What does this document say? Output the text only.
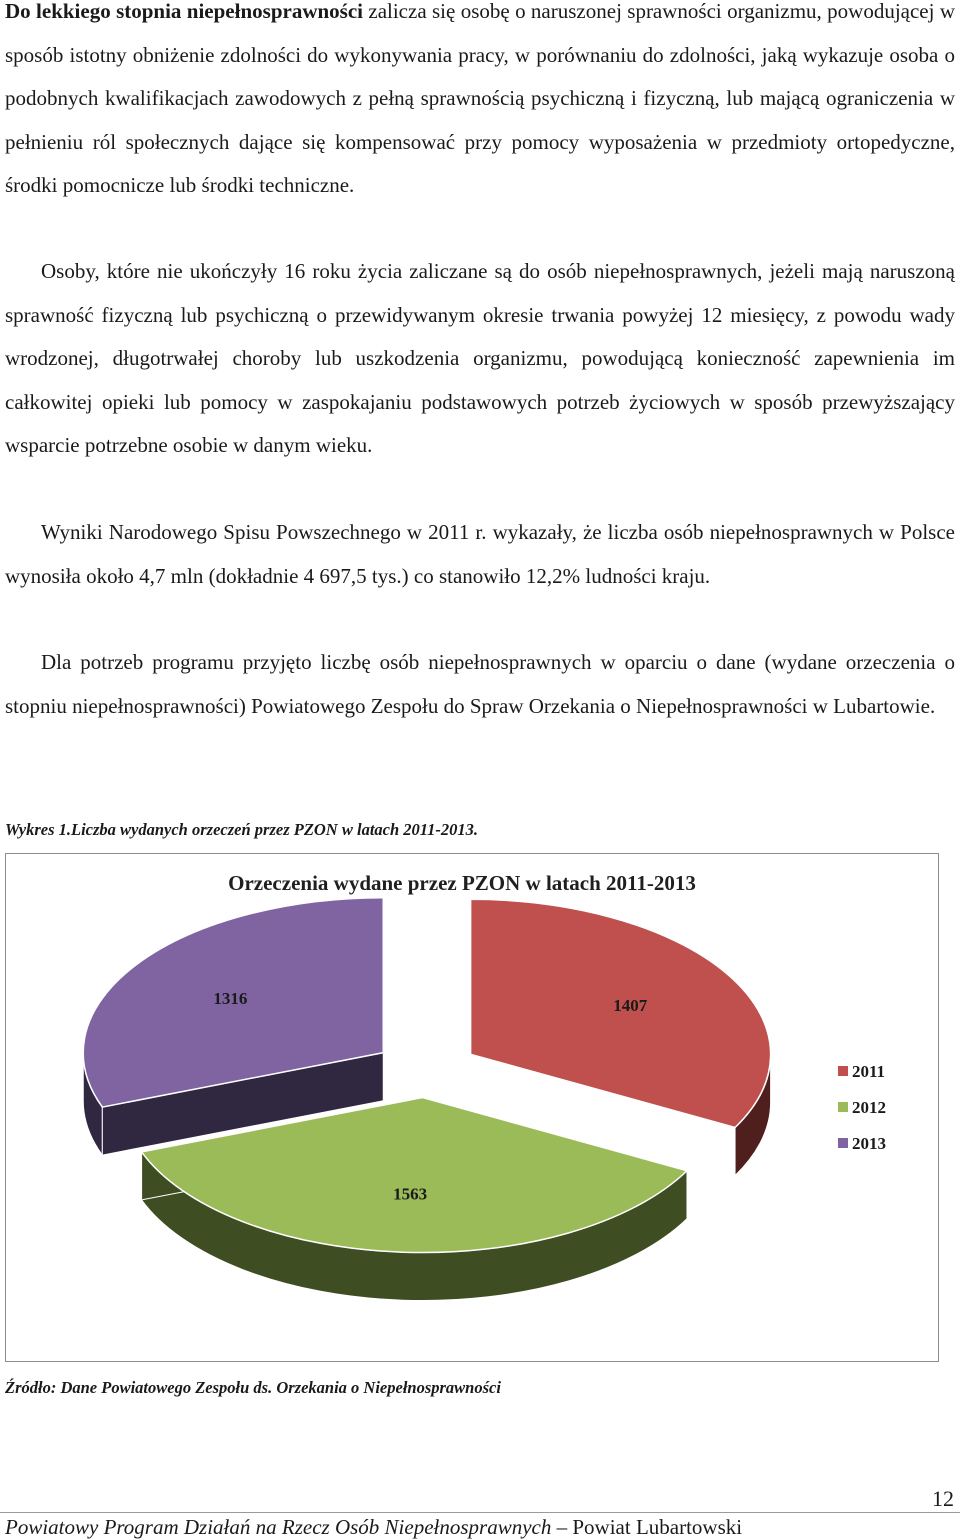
Do lekkiego stopnia niepełnosprawności zalicza się osobę o naruszonej sprawności organizmu, powodującej w sposób istotny obniżenie zdolności do wykonywania pracy, w porównaniu do zdolności, jaką wykazuje osoba o podobnych kwalifikacjach zawodowych z pełną sprawnością psychiczną i fizyczną, lub mającą ograniczenia w pełnieniu ról społecznych dające się kompensować przy pomocy wyposażenia w przedmioty ortopedyczne, środki pomocnicze lub środki techniczne.

Osoby, które nie ukończyły 16 roku życia zaliczane są do osób niepełnosprawnych, jeżeli mają naruszoną sprawność fizyczną lub psychiczną o przewidywanym okresie trwania powyżej 12 miesięcy, z powodu wady wrodzonej, długotrwałej choroby lub uszkodzenia organizmu, powodującą konieczność zapewnienia im całkowitej opieki lub pomocy w zaspokajaniu podstawowych potrzeb życiowych w sposób przewyższający wsparcie potrzebne osobie w danym wieku.

Wyniki Narodowego Spisu Powszechnego w 2011 r. wykazały, że liczba osób niepełnosprawnych w Polsce wynosiła około 4,7 mln (dokładnie 4 697,5 tys.) co stanowiło 12,2% ludności kraju.

Dla potrzeb programu przyjęto liczbę osób niepełnosprawnych w oparciu o dane (wydane orzeczenia o stopniu niepełnosprawności) Powiatowego Zespołu do Spraw Orzekania o Niepełnosprawności w Lubartowie.

Wykres 1.Liczba wydanych orzeczeń przez PZON w latach 2011-2013.
Orzeczenia wydane przez PZON w latach 2011-2013
1407
1563
1316
2011
2012
2013
Źródło: Dane Powiatowego Zespołu ds. Orzekania o Niepełnosprawności
12
Powiatowy Program Działań na Rzecz Osób Niepełnosprawnych – Powiat Lubartowski
